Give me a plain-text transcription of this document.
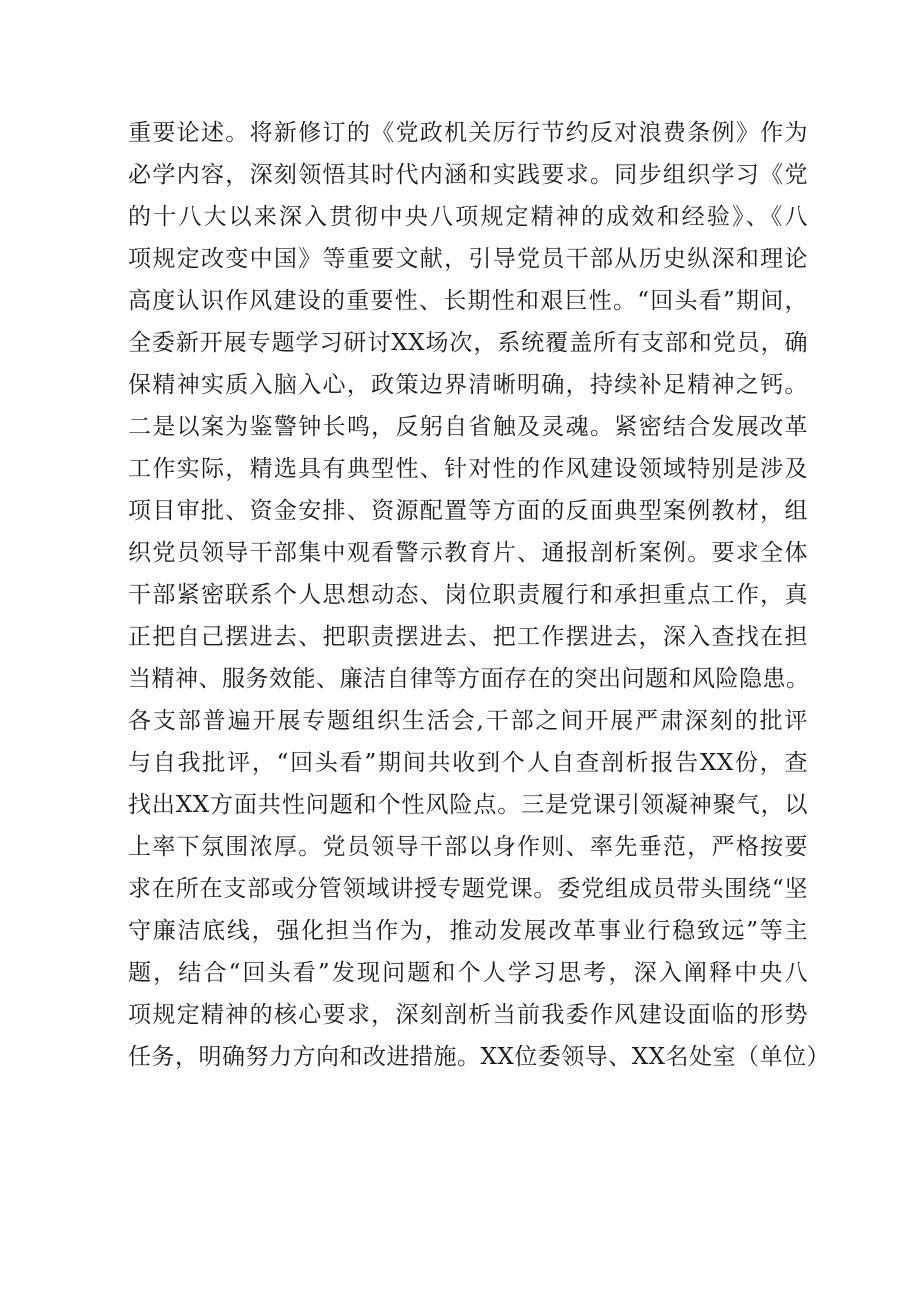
重要论述。将新修订的《党政机关厉行节约反对浪费条例》作为
必学内容，深刻领悟其时代内涵和实践要求。同步组织学习《党
的十八大以来深入贯彻中央八项规定精神的成效和经验》、《八
项规定改变中国》等重要文献，引导党员干部从历史纵深和理论
高度认识作风建设的重要性、长期性和艰巨性。“回头看”期间，
全委新开展专题学习研讨XX场次，系统覆盖所有支部和党员，确
保精神实质入脑入心，政策边界清晰明确，持续补足精神之钙。
二是以案为鉴警钟长鸣，反躬自省触及灵魂。紧密结合发展改革
工作实际，精选具有典型性、针对性的作风建设领域特别是涉及
项目审批、资金安排、资源配置等方面的反面典型案例教材，组
织党员领导干部集中观看警示教育片、通报剖析案例。要求全体
干部紧密联系个人思想动态、岗位职责履行和承担重点工作，真
正把自己摆进去、把职责摆进去、把工作摆进去，深入查找在担
当精神、服务效能、廉洁自律等方面存在的突出问题和风险隐患。
各支部普遍开展专题组织生活会,干部之间开展严肃深刻的批评
与自我批评，“回头看”期间共收到个人自查剖析报告XX份，查
找出XX方面共性问题和个性风险点。三是党课引领凝神聚气，以
上率下氛围浓厚。党员领导干部以身作则、率先垂范，严格按要
求在所在支部或分管领域讲授专题党课。委党组成员带头围绕“坚
守廉洁底线，强化担当作为，推动发展改革事业行稳致远”等主
题，结合“回头看”发现问题和个人学习思考，深入阐释中央八
项规定精神的核心要求，深刻剖析当前我委作风建设面临的形势
任务，明确努力方向和改进措施。XX位委领导、XX名处室（单位）
